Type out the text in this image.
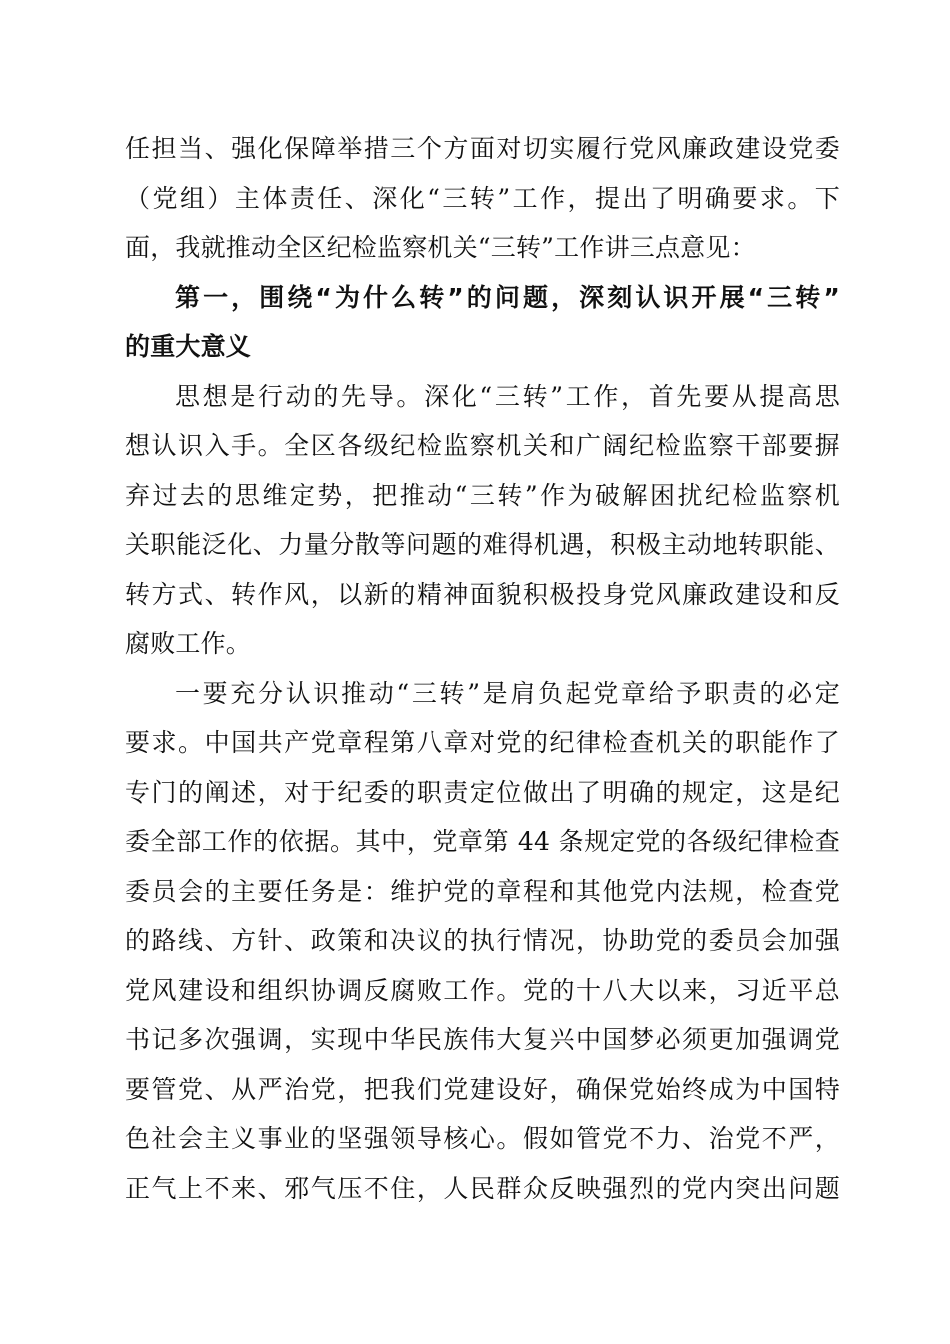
任担当、强化保障举措三个方面对切实履行党风廉政建设党委
（党组）主体责任、深化“三转”工作，提出了明确要求。下
面，我就推动全区纪检监察机关“三转”工作讲三点意见：
第一，围绕“为什么转”的问题，深刻认识开展“三转”
的重大意义
思想是行动的先导。深化“三转”工作，首先要从提高思
想认识入手。全区各级纪检监察机关和广阔纪检监察干部要摒
弃过去的思维定势，把推动“三转”作为破解困扰纪检监察机
关职能泛化、力量分散等问题的难得机遇，积极主动地转职能、
转方式、转作风，以新的精神面貌积极投身党风廉政建设和反
腐败工作。
一要充分认识推动“三转”是肩负起党章给予职责的必定
要求。中国共产党章程第八章对党的纪律检查机关的职能作了
专门的阐述，对于纪委的职责定位做出了明确的规定，这是纪
委全部工作的依据。其中，党章第 44 条规定党的各级纪律检查
委员会的主要任务是：维护党的章程和其他党内法规，检查党
的路线、方针、政策和决议的执行情况，协助党的委员会加强
党风建设和组织协调反腐败工作。党的十八大以来，习近平总
书记多次强调，实现中华民族伟大复兴中国梦必须更加强调党
要管党、从严治党，把我们党建设好，确保党始终成为中国特
色社会主义事业的坚强领导核心。假如管党不力、治党不严，
正气上不来、邪气压不住，人民群众反映强烈的党内突出问题
